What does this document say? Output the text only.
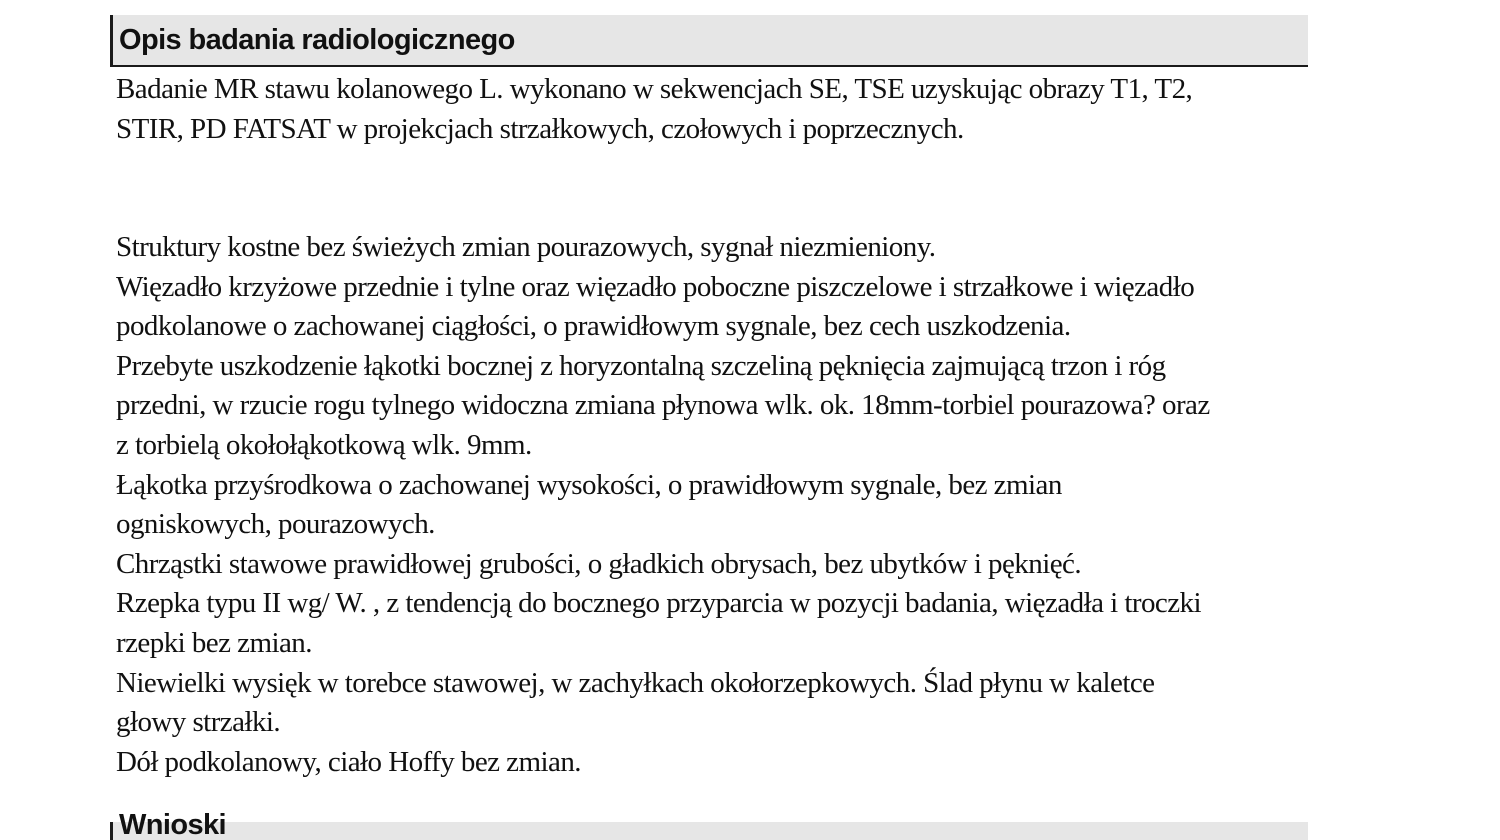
Opis badania radiologicznego
Badanie MR stawu kolanowego L. wykonano w sekwencjach SE, TSE uzyskując obrazy T1, T2,
STIR, PD FATSAT w projekcjach strzałkowych, czołowych i poprzecznych.
Struktury kostne bez świeżych zmian pourazowych, sygnał niezmieniony.
Więzadło krzyżowe przednie i tylne oraz więzadło poboczne piszczelowe i strzałkowe i więzadło
podkolanowe o zachowanej ciągłości, o prawidłowym sygnale, bez cech uszkodzenia.
Przebyte uszkodzenie łąkotki bocznej z horyzontalną szczeliną pęknięcia zajmującą trzon i róg
przedni, w rzucie rogu tylnego widoczna zmiana płynowa wlk. ok. 18mm-torbiel pourazowa? oraz
z torbielą okołołąkotkową wlk. 9mm.
Łąkotka przyśrodkowa o zachowanej wysokości, o prawidłowym sygnale, bez zmian
ogniskowych, pourazowych.
Chrząstki stawowe prawidłowej grubości, o gładkich obrysach, bez ubytków i pęknięć.
Rzepka typu II wg/ W. , z tendencją do bocznego przyparcia w pozycji badania, więzadła i troczki
rzepki bez zmian.
Niewielki wysięk w torebce stawowej, w zachyłkach okołorzepkowych. Ślad płynu w kaletce
głowy strzałki.
Dół podkolanowy, ciało Hoffy bez zmian.
Wnioski
